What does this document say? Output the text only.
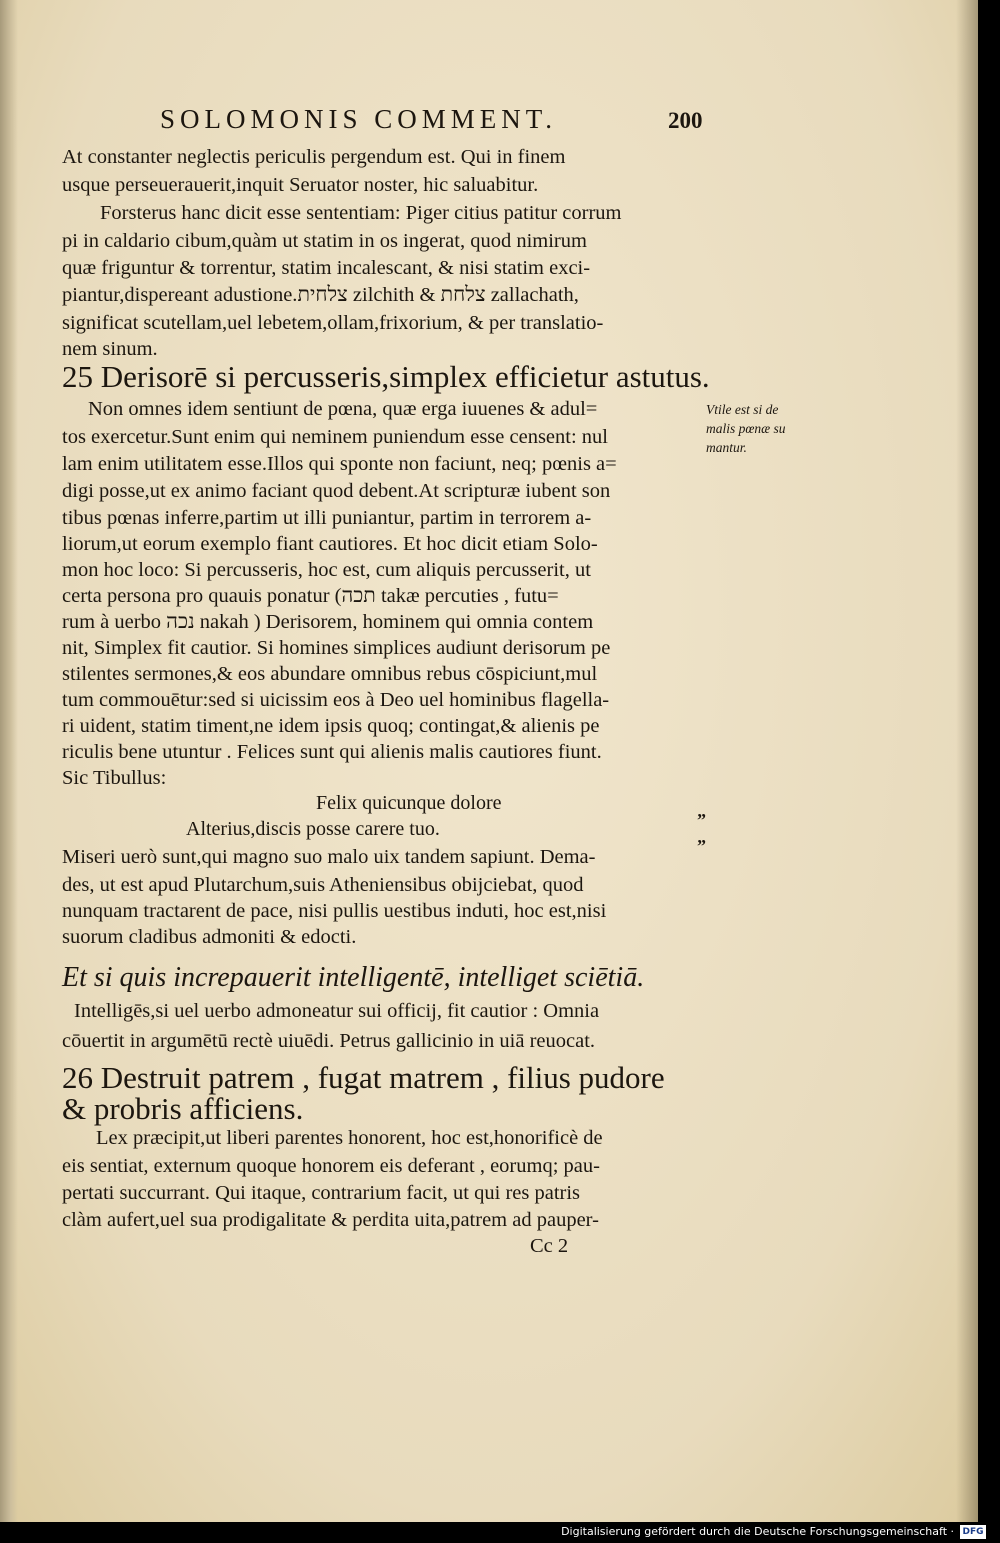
SOLOMONIS COMMENT.	200
At constanter neglectis periculis pergendum est. Qui in finem
usque perseuerauerit,inquit Seruator noster, hic saluabitur.
Forsterus hanc dicit esse sententiam: Piger citius patitur corrum
pi in caldario cibum,quàm ut statim in os ingerat, quod nimirum
quæ friguntur & torrentur, statim incalescant, & nisi statim exci-
piantur,dispereant adustione.צלחית zilchith & צלחת zallachath,
significat scutellam,uel lebetem,ollam,frixorium, & per translatio-
nem sinum.
25 Derisorē si percusseris,simplex efficietur astutus.
Non omnes idem sentiunt de pœna, quæ erga iuuenes & adul=
tos exercetur.Sunt enim qui neminem puniendum esse censent: nul
lam enim utilitatem esse.Illos qui sponte non faciunt, neq; pœnis a=
digi posse,ut ex animo faciant quod debent.At scripturæ iubent son
tibus pœnas inferre,partim ut illi puniantur, partim in terrorem a-
liorum,ut eorum exemplo fiant cautiores. Et hoc dicit etiam Solo-
mon hoc loco: Si percusseris, hoc est, cum aliquis percusserit, ut
certa persona pro quauis ponatur (תכה takæ percuties , futu=
rum à uerbo נכה nakah ) Derisorem, hominem qui omnia contem
nit, Simplex fit cautior. Si homines simplices audiunt derisorum pe
stilentes sermones,& eos abundare omnibus rebus cōspiciunt,mul
tum commouētur:sed si uicissim eos à Deo uel hominibus flagella-
ri uident, statim timent,ne idem ipsis quoq; contingat,& alienis pe
riculis bene utuntur . Felices sunt qui alienis malis cautiores fiunt.
Sic Tibullus:
Felix quicunque dolore
Alterius,discis posse carere tuo.
Miseri uerò sunt,qui magno suo malo uix tandem sapiunt. Dema-
des, ut est apud Plutarchum,suis Atheniensibus obijciebat, quod
nunquam tractarent de pace, nisi pullis uestibus induti, hoc est,nisi
suorum cladibus admoniti & edocti.
Et si quis increpauerit intelligentē, intelliget sciētiā.
Intelligēs,si uel uerbo admoneatur sui officij, fit cautior : Omnia
cōuertit in argumētū rectè uiuēdi. Petrus gallicinio in uiā reuocat.
26 Destruit patrem , fugat matrem , filius pudore
& probris afficiens.
Lex præcipit,ut liberi parentes honorent, hoc est,honorificè de
eis sentiat, externum quoque honorem eis deferant , eorumq; pau-
pertati succurrant. Qui itaque, contrarium facit, ut qui res patris
clàm aufert,uel sua prodigalitate & perdita uita,patrem ad pauper-
Cc 2
Vtile est si de
malis pœnæ su
mantur.
”
”
Digitalisierung gefördert durch die Deutsche Forschungsgemeinschaft · DFG
